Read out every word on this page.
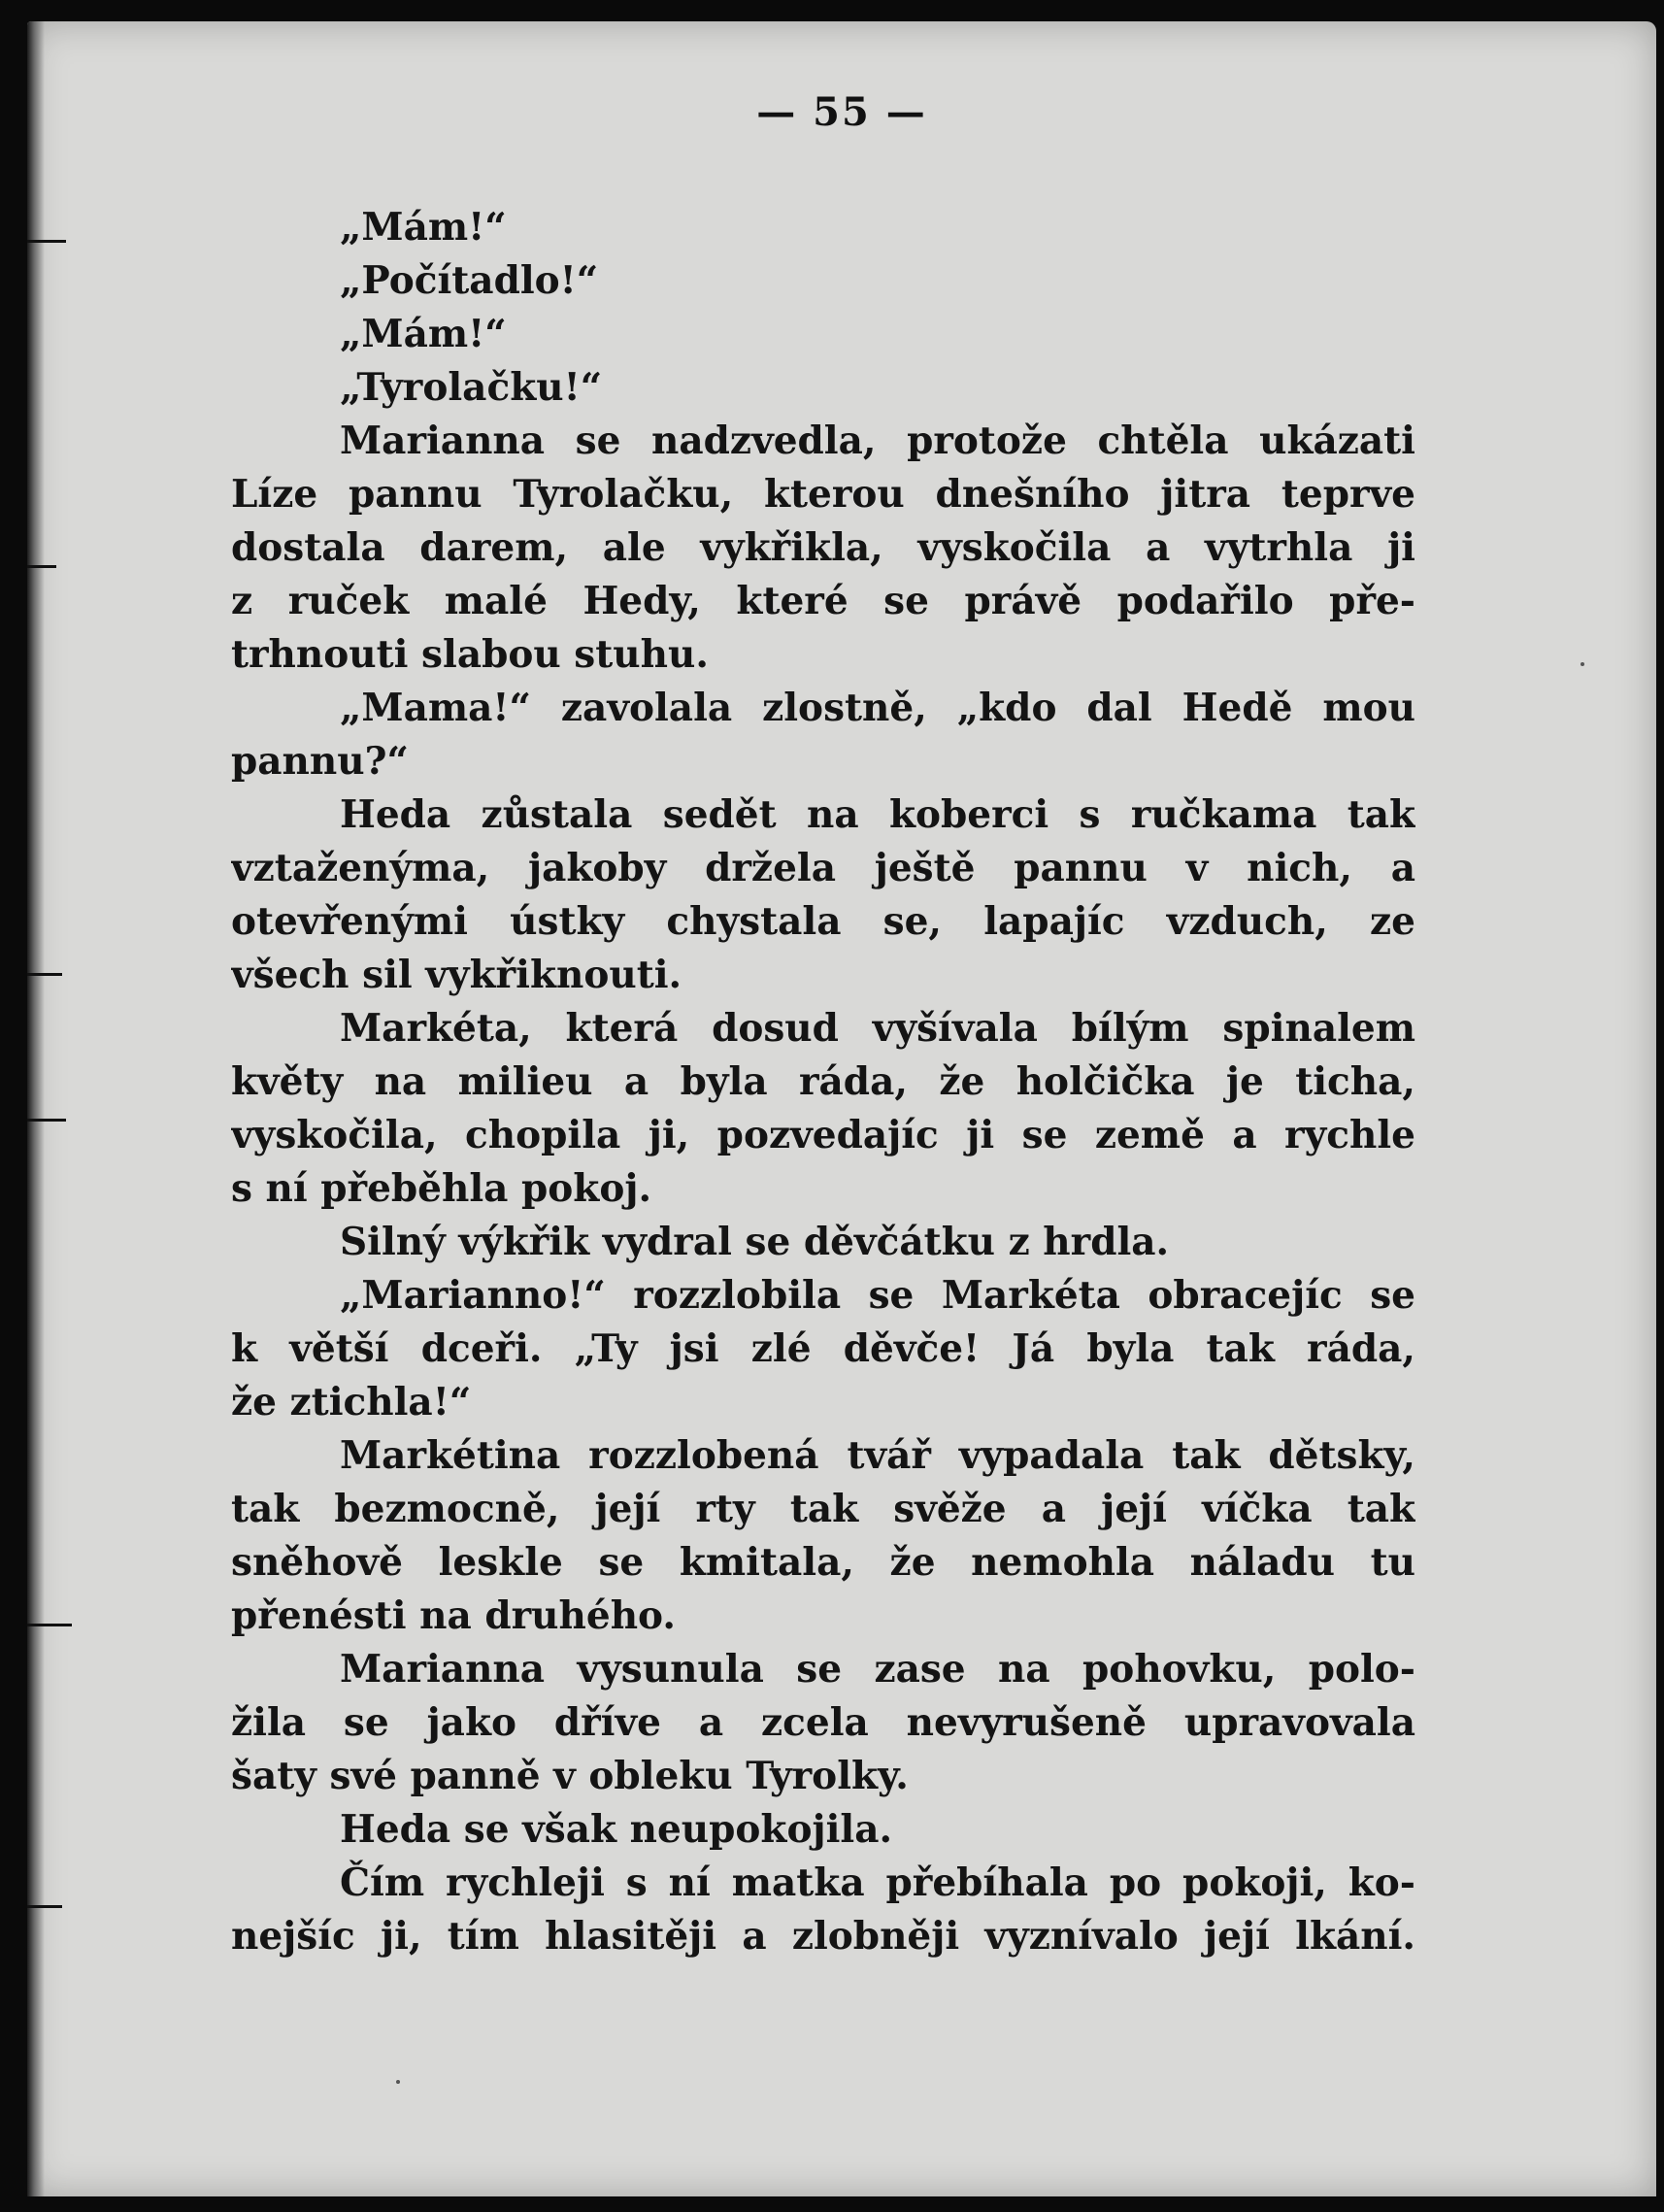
— 55 —
„Mám!“
„Počítadlo!“
„Mám!“
„Tyrolačku!“
Marianna se nadzvedla, protože chtěla ukázati
Líze pannu Tyrolačku, kterou dnešního jitra teprve
dostala darem, ale vykřikla, vyskočila a vytrhla ji
z ruček malé Hedy, které se právě podařilo pře-
trhnouti slabou stuhu.
„Mama!“ zavolala zlostně, „kdo dal Hedě mou
pannu?“
Heda zůstala sedět na koberci s ručkama tak
vztaženýma, jakoby držela ještě pannu v nich, a
otevřenými ústky chystala se, lapajíc vzduch, ze
všech sil vykřiknouti.
Markéta, která dosud vyšívala bílým spinalem
květy na milieu a byla ráda, že holčička je ticha,
vyskočila, chopila ji, pozvedajíc ji se země a rychle
s ní přeběhla pokoj.
Silný výkřik vydral se děvčátku z hrdla.
„Marianno!“ rozzlobila se Markéta obracejíc se
k větší dceři. „Ty jsi zlé děvče! Já byla tak ráda,
že ztichla!“
Markétina rozzlobená tvář vypadala tak dětsky,
tak bezmocně, její rty tak svěže a její víčka tak
sněhově leskle se kmitala, že nemohla náladu tu
přenésti na druhého.
Marianna vysunula se zase na pohovku, polo-
žila se jako dříve a zcela nevyrušeně upravovala
šaty své panně v obleku Tyrolky.
Heda se však neupokojila.
Čím rychleji s ní matka přebíhala po pokoji, ko-
nejšíc ji, tím hlasitěji a zlobněji vyznívalo její lkání.
